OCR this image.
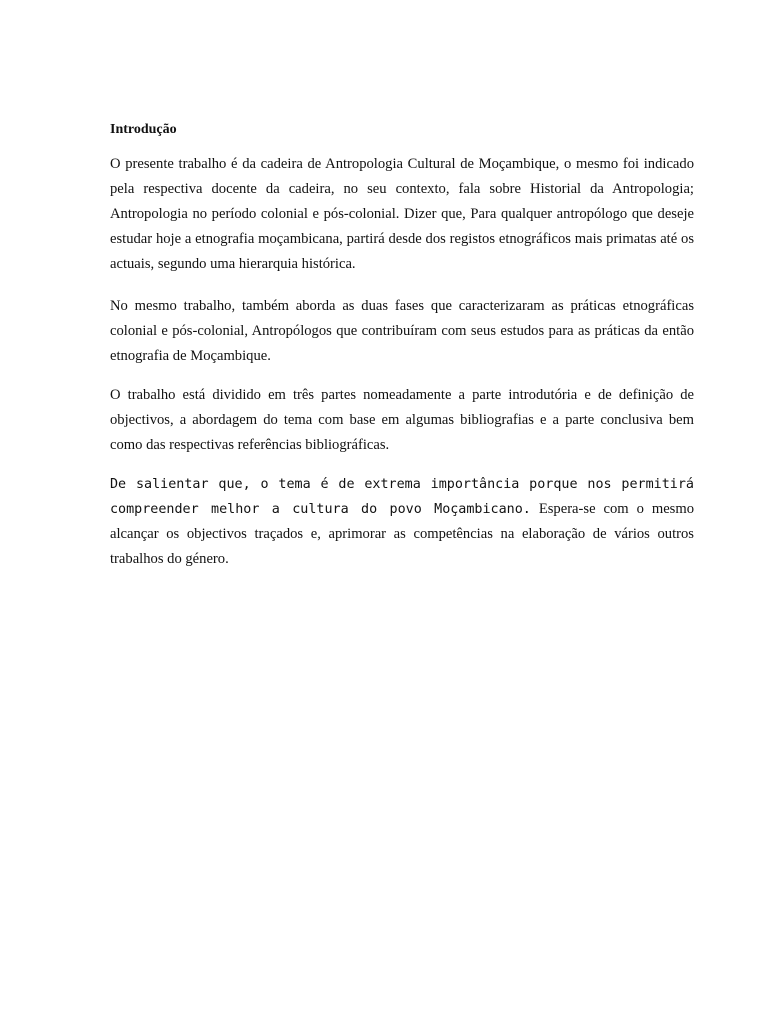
Introdução

O presente trabalho é da cadeira de Antropologia Cultural de Moçambique, o mesmo foi indicado pela respectiva docente da cadeira, no seu contexto, fala sobre Historial da Antropologia; Antropologia no período colonial e pós-colonial. Dizer que, Para qualquer antropólogo que deseje estudar hoje a etnografia moçambicana, partirá desde dos registos etnográficos mais primatas até os actuais, segundo uma hierarquia histórica.

No mesmo trabalho, também aborda as duas fases que caracterizaram as práticas etnográficas colonial e pós-colonial, Antropólogos que contribuíram com seus estudos para as práticas da então etnografia de Moçambique.

O trabalho está dividido em três partes nomeadamente a parte introdutória e de definição de objectivos, a abordagem do tema com base em algumas bibliografias e a parte conclusiva bem como das respectivas referências bibliográficas.

De salientar que, o tema é de extrema importância porque nos permitirá compreender melhor a cultura do povo Moçambicano. Espera-se com o mesmo alcançar os objectivos traçados e, aprimorar as competências na elaboração de vários outros trabalhos do género.
